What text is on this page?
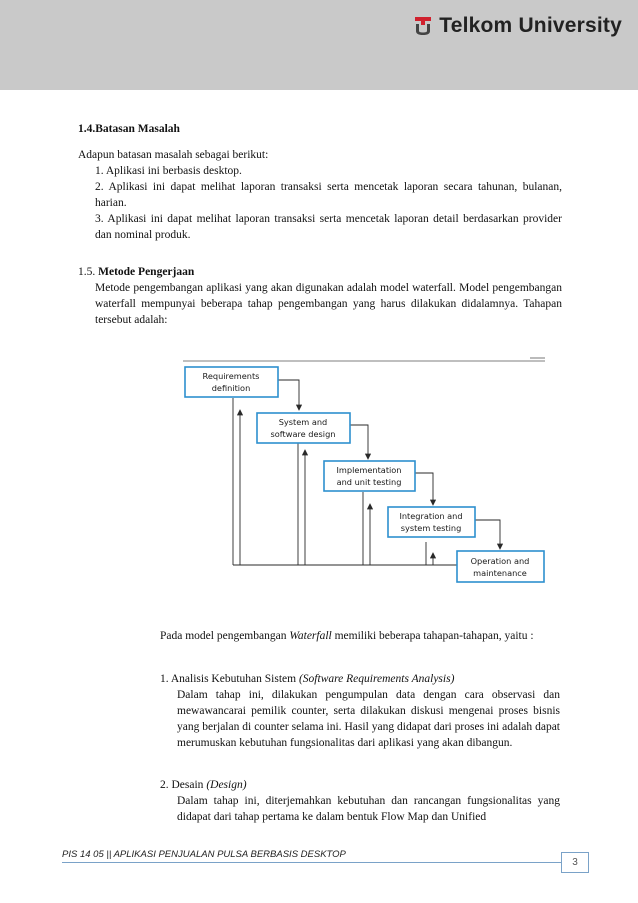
Telkom University
1.4.Batasan Masalah
Adapun batasan masalah sebagai berikut:
1. Aplikasi ini berbasis desktop.
2. Aplikasi ini dapat melihat laporan transaksi serta mencetak laporan secara tahunan, bulanan, harian.
3. Aplikasi ini dapat melihat laporan transaksi serta mencetak laporan detail berdasarkan provider dan nominal produk.
1.5. Metode Pengerjaan
Metode pengembangan aplikasi yang akan digunakan adalah model waterfall. Model pengembangan waterfall mempunyai beberapa tahap pengembangan yang harus dilakukan didalamnya. Tahapan tersebut adalah:
Requirements
definition
System and
software design
Implementation
and unit testing
Integration and
system testing
Operation and
maintenance
Pada model pengembangan Waterfall memiliki beberapa tahapan-tahapan, yaitu :
1. Analisis Kebutuhan Sistem (Software Requirements Analysis)
Dalam tahap ini, dilakukan pengumpulan data dengan cara observasi dan mewawancarai pemilik counter, serta dilakukan diskusi mengenai proses bisnis yang berjalan di counter selama ini. Hasil yang didapat dari proses ini adalah dapat merumuskan kebutuhan fungsionalitas dari aplikasi yang akan dibangun.
2. Desain (Design)
Dalam tahap ini, diterjemahkan kebutuhan dan rancangan fungsionalitas yang didapat dari tahap pertama ke dalam bentuk Flow Map dan Unified
PIS 14 05 || APLIKASI PENJUALAN PULSA BERBASIS DESKTOP
3
